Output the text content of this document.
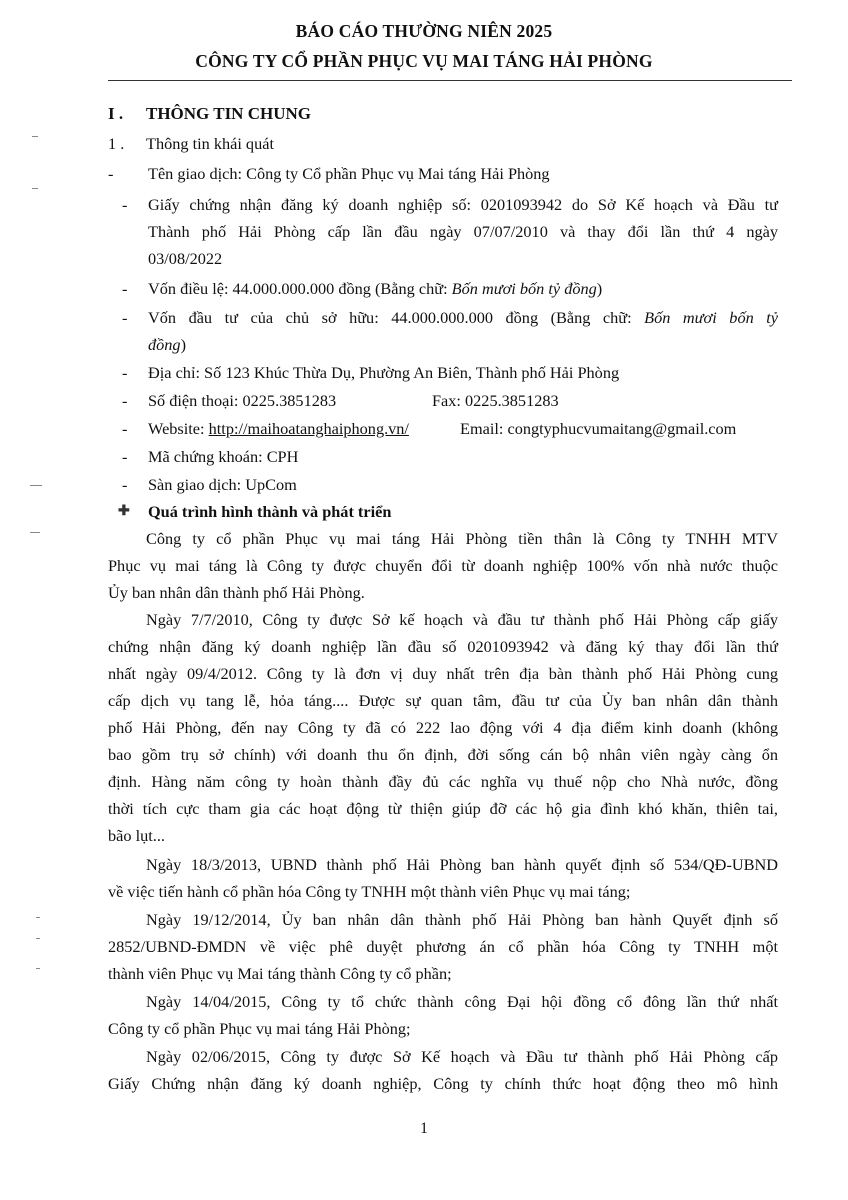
BÁO CÁO THƯỜNG NIÊN 2025
CÔNG TY CỔ PHẦN PHỤC VỤ MAI TÁNG HẢI PHÒNG
I . THÔNG TIN CHUNG
1 . Thông tin khái quát
- Tên giao dịch: Công ty Cổ phần Phục vụ Mai táng Hải Phòng
- Giấy chứng nhận đăng ký doanh nghiệp số: 0201093942 do Sở Kế hoạch và Đầu tư
Thành phố Hải Phòng cấp lần đầu ngày 07/07/2010 và thay đổi lần thứ 4 ngày
03/08/2022
- Vốn điều lệ: 44.000.000.000 đồng (Bằng chữ: Bốn mươi bốn tỷ đồng)
- Vốn đầu tư của chủ sở hữu: 44.000.000.000 đồng (Bằng chữ: Bốn mươi bốn tỷ
đồng)
- Địa chỉ: Số 123 Khúc Thừa Dụ, Phường An Biên, Thành phố Hải Phòng
- Số điện thoại: 0225.3851283	Fax: 0225.3851283
- Website: http://maihoatanghaiphong.vn/	Email: congtyphucvumaitang@gmail.com
- Mã chứng khoán: CPH
- Sàn giao dịch: UpCom
✚ Quá trình hình thành và phát triển
Công ty cổ phần Phục vụ mai táng Hải Phòng tiền thân là Công ty TNHH MTV
Phục vụ mai táng là Công ty được chuyển đổi từ doanh nghiệp 100% vốn nhà nước thuộc
Ủy ban nhân dân thành phố Hải Phòng.
Ngày 7/7/2010, Công ty được Sở kế hoạch và đầu tư thành phố Hải Phòng cấp giấy
chứng nhận đăng ký doanh nghiệp lần đầu số 0201093942 và đăng ký thay đổi lần thứ
nhất ngày 09/4/2012. Công ty là đơn vị duy nhất trên địa bàn thành phố Hải Phòng cung
cấp dịch vụ tang lễ, hỏa táng.... Được sự quan tâm, đầu tư của Ủy ban nhân dân thành
phố Hải Phòng, đến nay Công ty đã có 222 lao động với 4 địa điểm kinh doanh (không
bao gồm trụ sở chính) với doanh thu ổn định, đời sống cán bộ nhân viên ngày càng ổn
định. Hàng năm công ty hoàn thành đầy đủ các nghĩa vụ thuế nộp cho Nhà nước, đồng
thời tích cực tham gia các hoạt động từ thiện giúp đỡ các hộ gia đình khó khăn, thiên tai,
bão lụt...
Ngày 18/3/2013, UBND thành phố Hải Phòng ban hành quyết định số 534/QĐ-UBND
về việc tiến hành cổ phần hóa Công ty TNHH một thành viên Phục vụ mai táng;
Ngày 19/12/2014, Ủy ban nhân dân thành phố Hải Phòng ban hành Quyết định số
2852/UBND-ĐMDN về việc phê duyệt phương án cổ phần hóa Công ty TNHH một
thành viên Phục vụ Mai táng thành Công ty cổ phần;
Ngày 14/04/2015, Công ty tổ chức thành công Đại hội đồng cổ đông lần thứ nhất
Công ty cổ phần Phục vụ mai táng Hải Phòng;
Ngày 02/06/2015, Công ty được Sở Kế hoạch và Đầu tư thành phố Hải Phòng cấp
Giấy Chứng nhận đăng ký doanh nghiệp, Công ty chính thức hoạt động theo mô hình
1
